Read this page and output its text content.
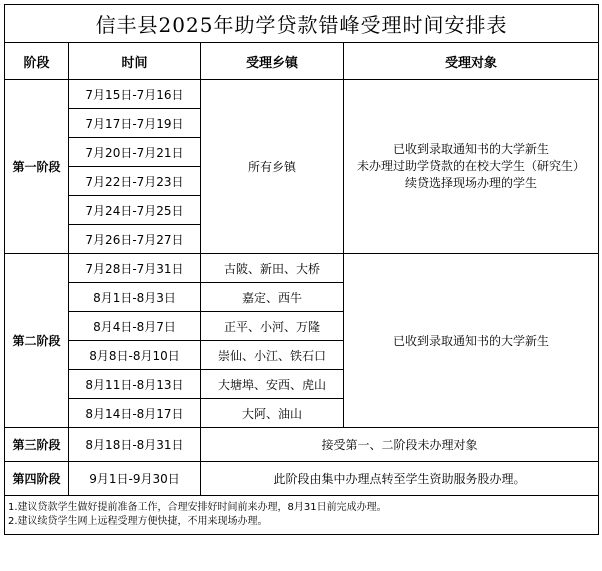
信丰县2025年助学贷款错峰受理时间安排表			
阶段	时间	受理乡镇	受理对象
第一阶段	7月15日-7月16日	所有乡镇	已收到录取通知书的大学新生
未办理过助学贷款的在校大学生（研究生）
续贷选择现场办理的学生

	7月17日-7月19日		
	7月20日-7月21日		
	7月22日-7月23日		
	7月24日-7月25日		
	7月26日-7月27日		
第二阶段	7月28日-7月31日	古陂、新田、大桥	已收到录取通知书的大学新生
	8月1日-8月3日	嘉定、西牛	
	8月4日-8月7日	正平、小河、万隆	
	8月8日-8月10日	崇仙、小江、铁石口	
	8月11日-8月13日	大塘埠、安西、虎山	
	8月14日-8月17日	大阿、油山	
第三阶段	8月18日-8月31日	接受第一、二阶段未办理对象	
第四阶段	9月1日-9月30日	此阶段由集中办理点转至学生资助服务股办理。	

1.建议贷款学生做好提前准备工作，合理安排好时间前来办理，8月31日前完成办理。
2.建议续贷学生网上远程受理方便快捷，不用来现场办理。			
